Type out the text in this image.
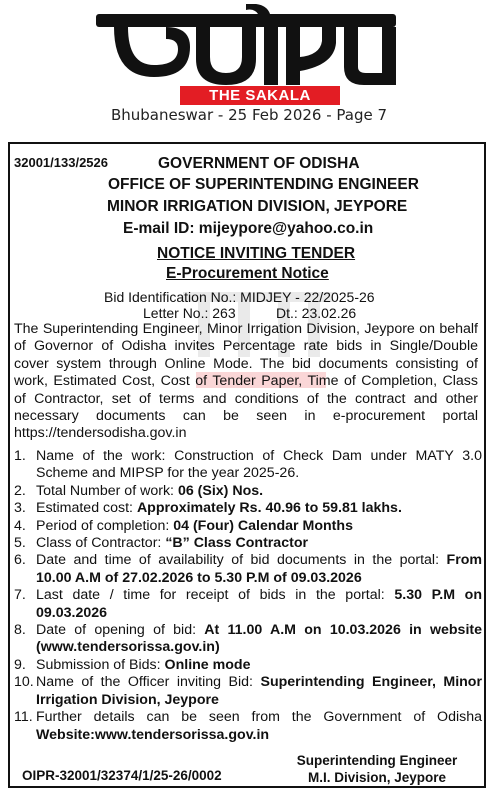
THE SAKALA
Bhubaneswar - 25 Feb 2026 - Page 7
32001/133/2526	GOVERNMENT OF ODISHA
OFFICE OF SUPERINTENDING ENGINEER
MINOR IRRIGATION DIVISION, JEYPORE
E-mail ID: mijeypore@yahoo.co.in
NOTICE INVITING TENDER
E-Procurement Notice
Bid Identification No.: MIDJEY - 22/2025-26
Letter No.: 263	Dt.: 23.02.26
The Superintending Engineer, Minor Irrigation Division, Jeypore on behalf of Governor of Odisha invites Percentage rate bids in Single/Double cover system through Online Mode. The bid documents consisting of work, Estimated Cost, Cost of Tender Paper, Time of Completion, Class of Contractor, set of terms and conditions of the contract and other necessary documents can be seen in e-procurement portal https://tendersodisha.gov.in
1. Name of the work: Construction of Check Dam under MATY 3.0 Scheme and MIPSP for the year 2025-26.
2. Total Number of work: 06 (Six) Nos.
3. Estimated cost: Approximately Rs. 40.96 to 59.81 lakhs.
4. Period of completion: 04 (Four) Calendar Months
5. Class of Contractor: “B” Class Contractor
6. Date and time of availability of bid documents in the portal: From 10.00 A.M of 27.02.2026 to 5.30 P.M of 09.03.2026
7. Last date / time for receipt of bids in the portal: 5.30 P.M on 09.03.2026
8. Date of opening of bid: At 11.00 A.M on 10.03.2026 in website (www.tendersorissa.gov.in)
9. Submission of Bids: Online mode
10. Name of the Officer inviting Bid: Superintending Engineer, Minor Irrigation Division, Jeypore
11. Further details can be seen from the Government of Odisha Website:www.tendersorissa.gov.in
Superintending Engineer
M.I. Division, Jeypore
OIPR-32001/32374/1/25-26/0002
